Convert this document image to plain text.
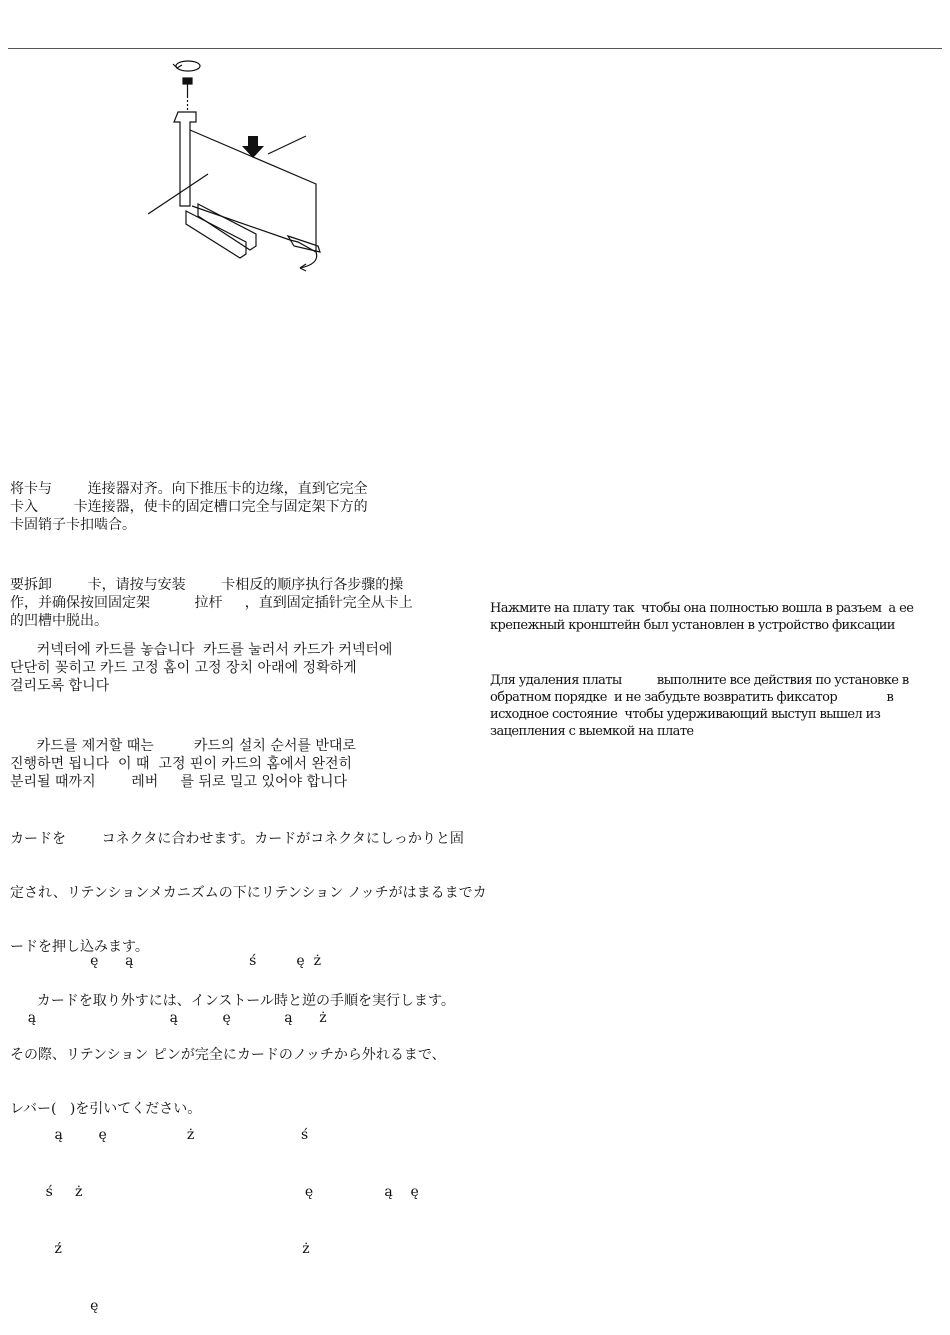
将卡与        连接器对齐。向下推压卡的边缘，直到它完全
卡入        卡连接器，使卡的固定槽口完全与固定架下方的
卡固销子卡扣啮合。

要拆卸        卡，请按与安装        卡相反的顺序执行各步骤的操
作，并确保按回固定架          拉杆     ，直到固定插针完全从卡上
的凹槽中脱出。

커넥터에 카드를 놓습니다  카드를 눌러서 카드가 커넥터에
단단히 꽂히고 카드 고정 홈이 고정 장치 아래에 정확하게
걸리도록 합니다

카드를 제거할 때는         카드의 설치 순서를 반대로
진행하면 됩니다  이 때  고정 핀이 카드의 홈에서 완전히
분리될 때까지        레버     를 뒤로 밀고 있어야 합니다

カードを        コネクタに合わせます。カードがコネクタにしっかりと固

定され、リテンションメカニズムの下にリテンション ノッチがはまるまでカ

ードを押し込みます。

カードを取り外すには、インストール時と逆の手順を実行します。

その際、リテンション ピンが完全にカードのノッチから外れるまで、

レバー(   )を引いてください。

ę      ą                          ś         ę  ż

ą                              ą          ę            ą      ż

ą        ę                  ż                        ś

ś     ż                                                  ę                ą    ę

ź                                                      ż

ę

Нажмите на плату так  чтобы она полностью вошла в разъем  а ее
крепежный кронштейн был установлен в устройство фиксации

Для удаления платы          выполните все действия по установке в
обратном порядке  и не забудьте возвратить фиксатор              в
исходное состояние  чтобы удерживающий выступ вышел из
зацепления с выемкой на плате
